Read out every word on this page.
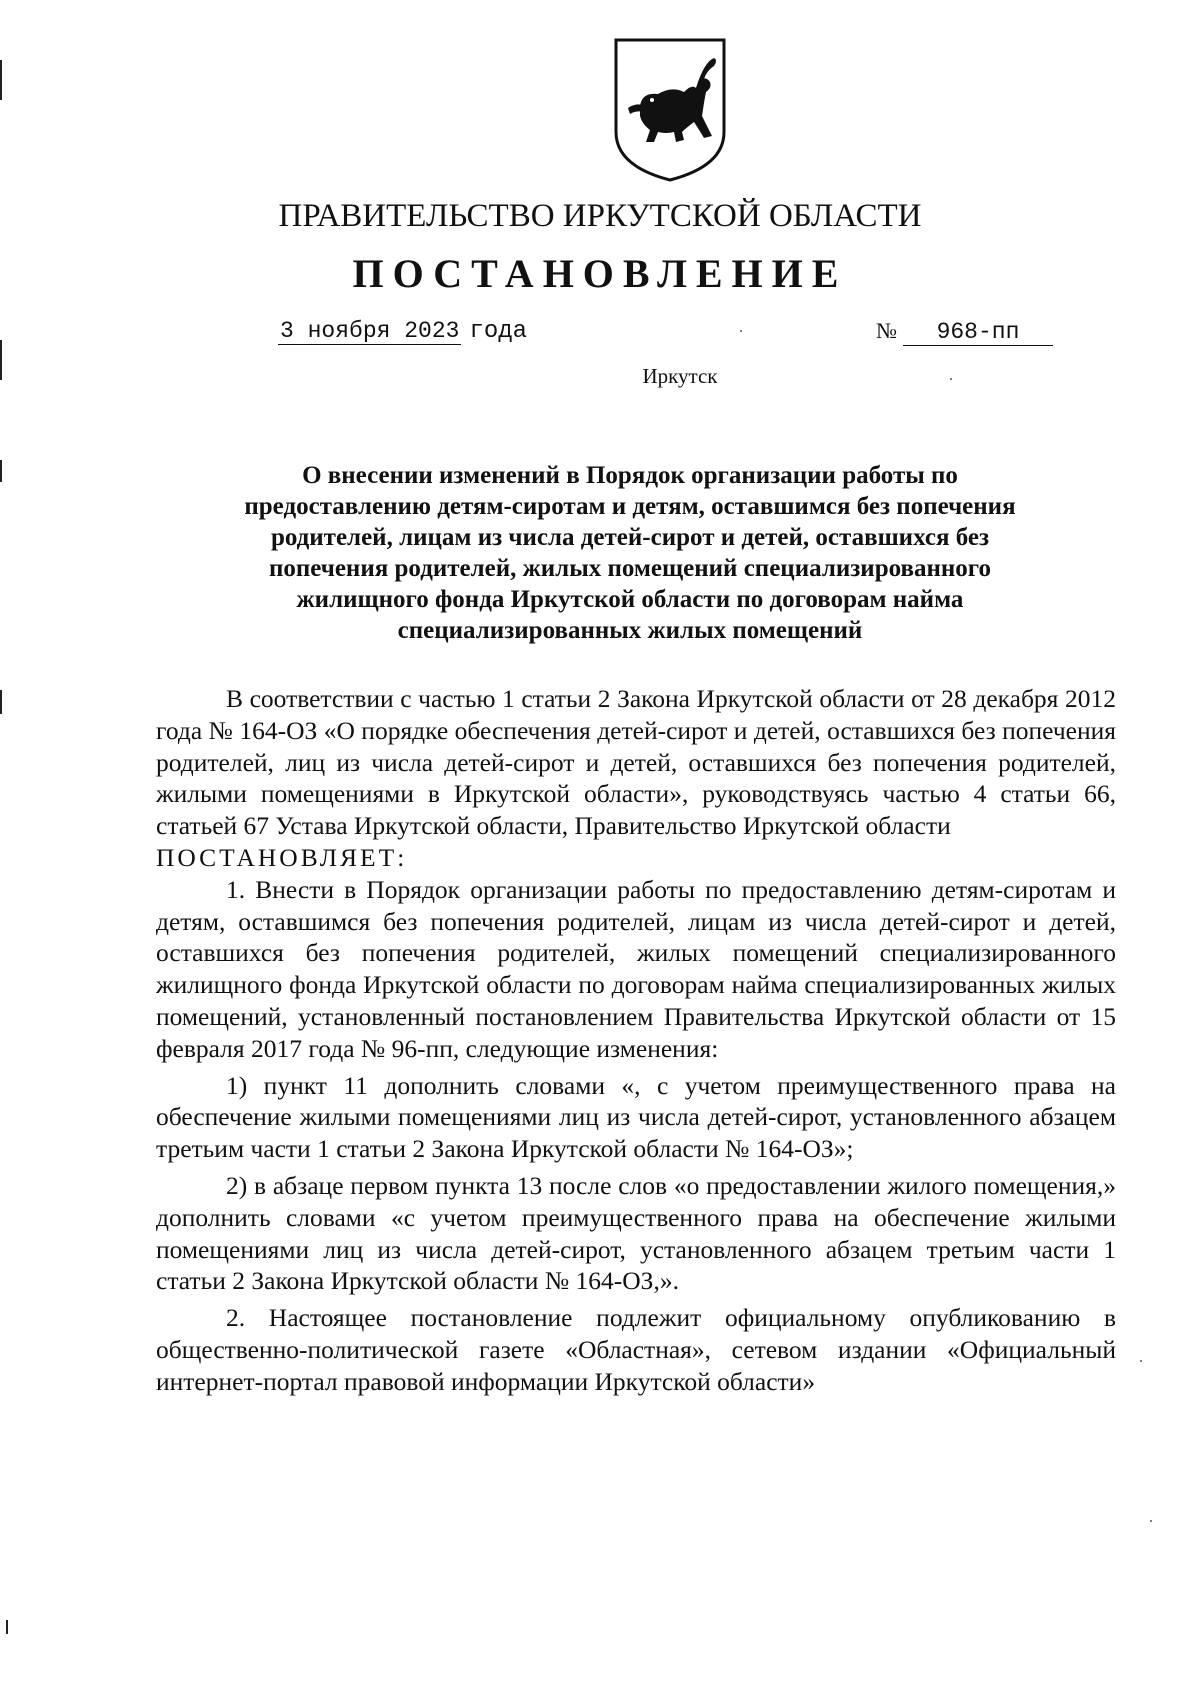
ПРАВИТЕЛЬСТВО ИРКУТСКОЙ ОБЛАСТИ
ПОСТАНОВЛЕНИЕ
3 ноября 2023 года	№ 968-пп
Иркутск
О внесении изменений в Порядок организации работы по предоставлению детям-сиротам и детям, оставшимся без попечения родителей, лицам из числа детей-сирот и детей, оставшихся без попечения родителей, жилых помещений специализированного жилищного фонда Иркутской области по договорам найма специализированных жилых помещений

В соответствии с частью 1 статьи 2 Закона Иркутской области от 28 декабря 2012 года № 164-ОЗ «О порядке обеспечения детей-сирот и детей, оставшихся без попечения родителей, лиц из числа детей-сирот и детей, оставшихся без попечения родителей, жилыми помещениями в Иркутской области», руководствуясь частью 4 статьи 66, статьей 67 Устава Иркутской области, Правительство Иркутской области

ПОСТАНОВЛЯЕТ:

1. Внести в Порядок организации работы по предоставлению детям-сиротам и детям, оставшимся без попечения родителей, лицам из числа детей-сирот и детей, оставшихся без попечения родителей, жилых помещений специализированного жилищного фонда Иркутской области по договорам найма специализированных жилых помещений, установленный постановлением Правительства Иркутской области от 15 февраля 2017 года № 96-пп, следующие изменения:

1) пункт 11 дополнить словами «, с учетом преимущественного права на обеспечение жилыми помещениями лиц из числа детей-сирот, установленного абзацем третьим части 1 статьи 2 Закона Иркутской области № 164-ОЗ»;

2) в абзаце первом пункта 13 после слов «о предоставлении жилого помещения,» дополнить словами «с учетом преимущественного права на обеспечение жилыми помещениями лиц из числа детей-сирот, установленного абзацем третьим части 1 статьи 2 Закона Иркутской области № 164-ОЗ,».

2. Настоящее постановление подлежит официальному опубликованию в общественно-политической газете «Областная», сетевом издании «Официальный интернет-портал правовой информации Иркутской области»
